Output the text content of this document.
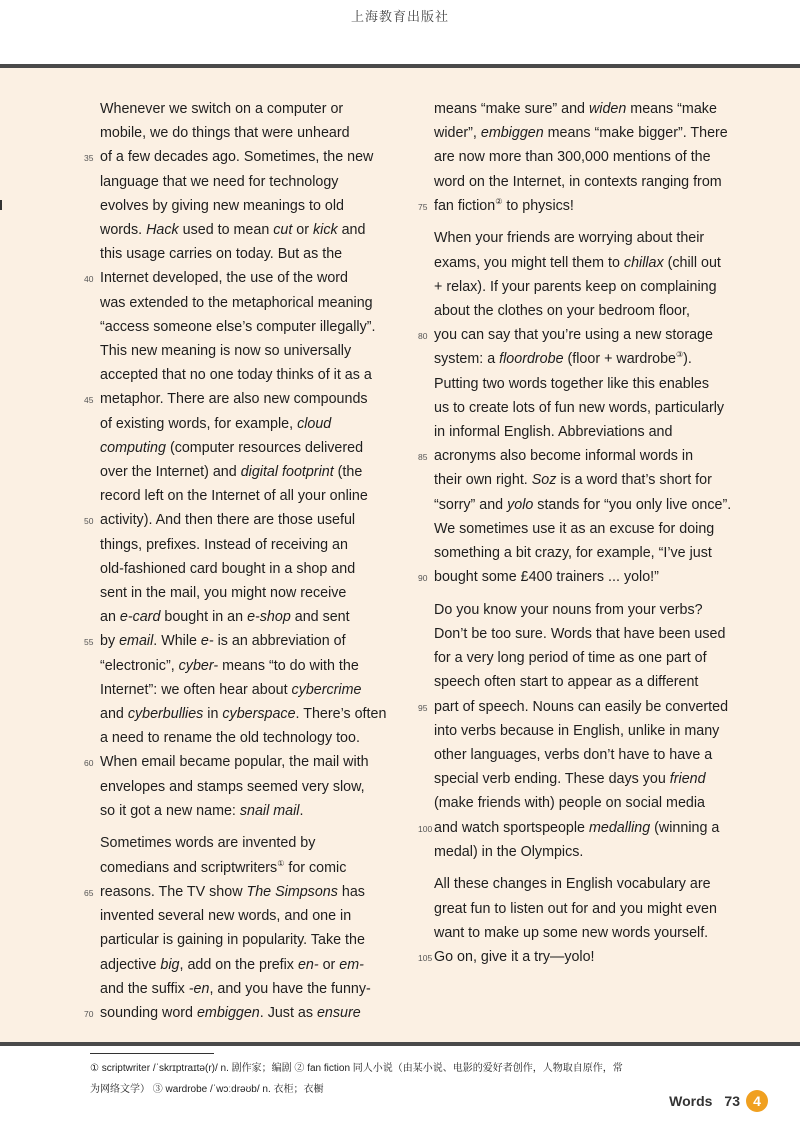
上海教育出版社

Whenever we switch on a computer or
mobile, we do things that were unheard
35 of a few decades ago. Sometimes, the new
language that we need for technology
evolves by giving new meanings to old
words. Hack used to mean cut or kick and
this usage carries on today. But as the
40 Internet developed, the use of the word
was extended to the metaphorical meaning
“access someone else’s computer illegally”.
This new meaning is now so universally
accepted that no one today thinks of it as a
45 metaphor. There are also new compounds
of existing words, for example, cloud
computing (computer resources delivered
over the Internet) and digital footprint (the
record left on the Internet of all your online
50 activity). And then there are those useful
things, prefixes. Instead of receiving an
old-fashioned card bought in a shop and
sent in the mail, you might now receive
an e-card bought in an e-shop and sent
55 by email. While e- is an abbreviation of
“electronic”, cyber- means “to do with the
Internet”: we often hear about cybercrime
and cyberbullies in cyberspace. There’s often
a need to rename the old technology too.
60 When email became popular, the mail with
envelopes and stamps seemed very slow,
so it got a new name: snail mail.

Sometimes words are invented by
comedians and scriptwriters① for comic
65 reasons. The TV show The Simpsons has
invented several new words, and one in
particular is gaining in popularity. Take the
adjective big, add on the prefix en- or em-
and the suffix -en, and you have the funny-
70 sounding word embiggen. Just as ensure

means “make sure” and widen means “make
wider”, embiggen means “make bigger”. There
are now more than 300,000 mentions of the
word on the Internet, in contexts ranging from
75 fan fiction② to physics!

When your friends are worrying about their
exams, you might tell them to chillax (chill out
+ relax). If your parents keep on complaining
about the clothes on your bedroom floor,
80 you can say that you’re using a new storage
system: a floordrobe (floor + wardrobe③).
Putting two words together like this enables
us to create lots of fun new words, particularly
in informal English. Abbreviations and
85 acronyms also become informal words in
their own right. Soz is a word that’s short for
“sorry” and yolo stands for “you only live once”.
We sometimes use it as an excuse for doing
something a bit crazy, for example, “I’ve just
90 bought some £400 trainers ... yolo!”

Do you know your nouns from your verbs?
Don’t be too sure. Words that have been used
for a very long period of time as one part of
speech often start to appear as a different
95 part of speech. Nouns can easily be converted
into verbs because in English, unlike in many
other languages, verbs don’t have to have a
special verb ending. These days you friend
(make friends with) people on social media
100 and watch sportspeople medalling (winning a
medal) in the Olympics.

All these changes in English vocabulary are
great fun to listen out for and you might even
want to make up some new words yourself.
105 Go on, give it a try—yolo!

① scriptwriter /ˈskrɪptraɪtə(r)/ n. 剧作家；编剧 ② fan fiction 同人小说（由某小说、电影的爱好者创作，人物取自原作，常
为网络文学） ③ wardrobe /ˈwɔːdrəʊb/ n. 衣柜；衣橱
Words 73 4
